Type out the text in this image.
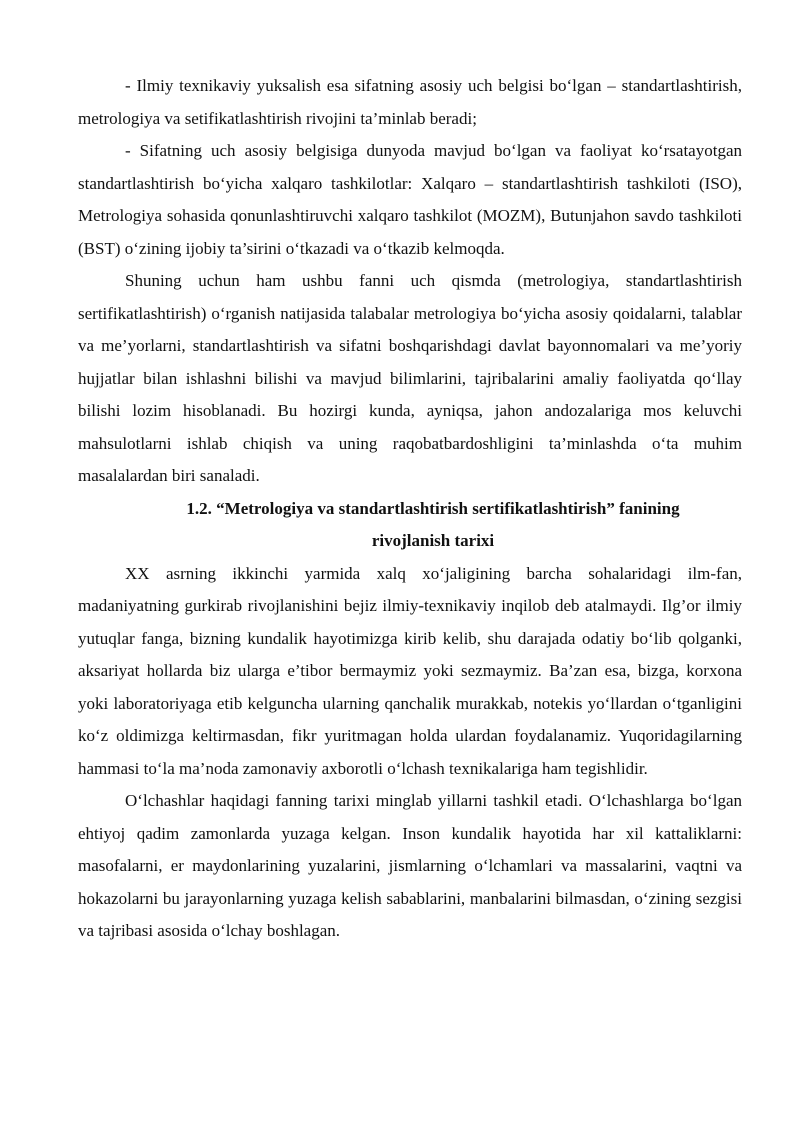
- Ilmiy texnikaviy yuksalish esa sifatning asosiy uch belgisi bo‘lgan – standartlashtirish, metrologiya va setifikatlashtirish rivojini ta’minlab beradi;

- Sifatning uch asosiy belgisiga dunyoda mavjud bo‘lgan va faoliyat ko‘rsatayotgan standartlashtirish bo‘yicha xalqaro tashkilotlar: Xalqaro – standartlashtirish tashkiloti (ISO), Metrologiya sohasida qonunlashtiruvchi xalqaro tashkilot (MOZM), Butunjahon savdo tashkiloti (BST) o‘zining ijobiy ta’sirini o‘tkazadi va o‘tkazib kelmoqda.

Shuning uchun ham ushbu fanni uch qismda (metrologiya, standartlashtirish sertifikatlashtirish) o‘rganish natijasida talabalar metrologiya bo‘yicha asosiy qoidalarni, talablar va me’yorlarni, standartlashtirish va sifatni boshqarishdagi davlat bayonnomalari va me’yoriy hujjatlar bilan ishlashni bilishi va mavjud bilimlarini, tajribalarini amaliy faoliyatda qo‘llay bilishi lozim hisoblanadi. Bu hozirgi kunda, ayniqsa, jahon andozalariga mos keluvchi mahsulotlarni ishlab chiqish va uning raqobatbardoshligini ta’minlashda o‘ta muhim masalalardan biri sanaladi.

1.2. “Metrologiya va standartlashtirish sertifikatlashtirish” fanining

rivojlanish tarixi

XX asrning ikkinchi yarmida xalq xo‘jaligining barcha sohalaridagi ilm-fan, madaniyatning gurkirab rivojlanishini bejiz ilmiy-texnikaviy inqilob deb atalmaydi. Ilg’or ilmiy yutuqlar fanga, bizning kundalik hayotimizga kirib kelib, shu darajada odatiy bo‘lib qolganki, aksariyat hollarda biz ularga e’tibor bermaymiz yoki sezmaymiz. Ba’zan esa, bizga, korxona yoki laboratoriyaga etib kelguncha ularning qanchalik murakkab, notekis yo‘llardan o‘tganligini ko‘z oldimizga keltirmasdan, fikr yuritmagan holda ulardan foydalanamiz. Yuqoridagilarning hammasi to‘la ma’noda zamonaviy axborotli o‘lchash texnikalariga ham tegishlidir.

O‘lchashlar haqidagi fanning tarixi minglab yillarni tashkil etadi. O‘lchashlarga bo‘lgan ehtiyoj qadim zamonlarda yuzaga kelgan. Inson kundalik hayotida har xil kattaliklarni: masofalarni, er maydonlarining yuzalarini, jismlarning o‘lchamlari va massalarini, vaqtni va hokazolarni bu jarayonlarning yuzaga kelish sabablarini, manbalarini bilmasdan, o‘zining sezgisi va tajribasi asosida o‘lchay boshlagan.
